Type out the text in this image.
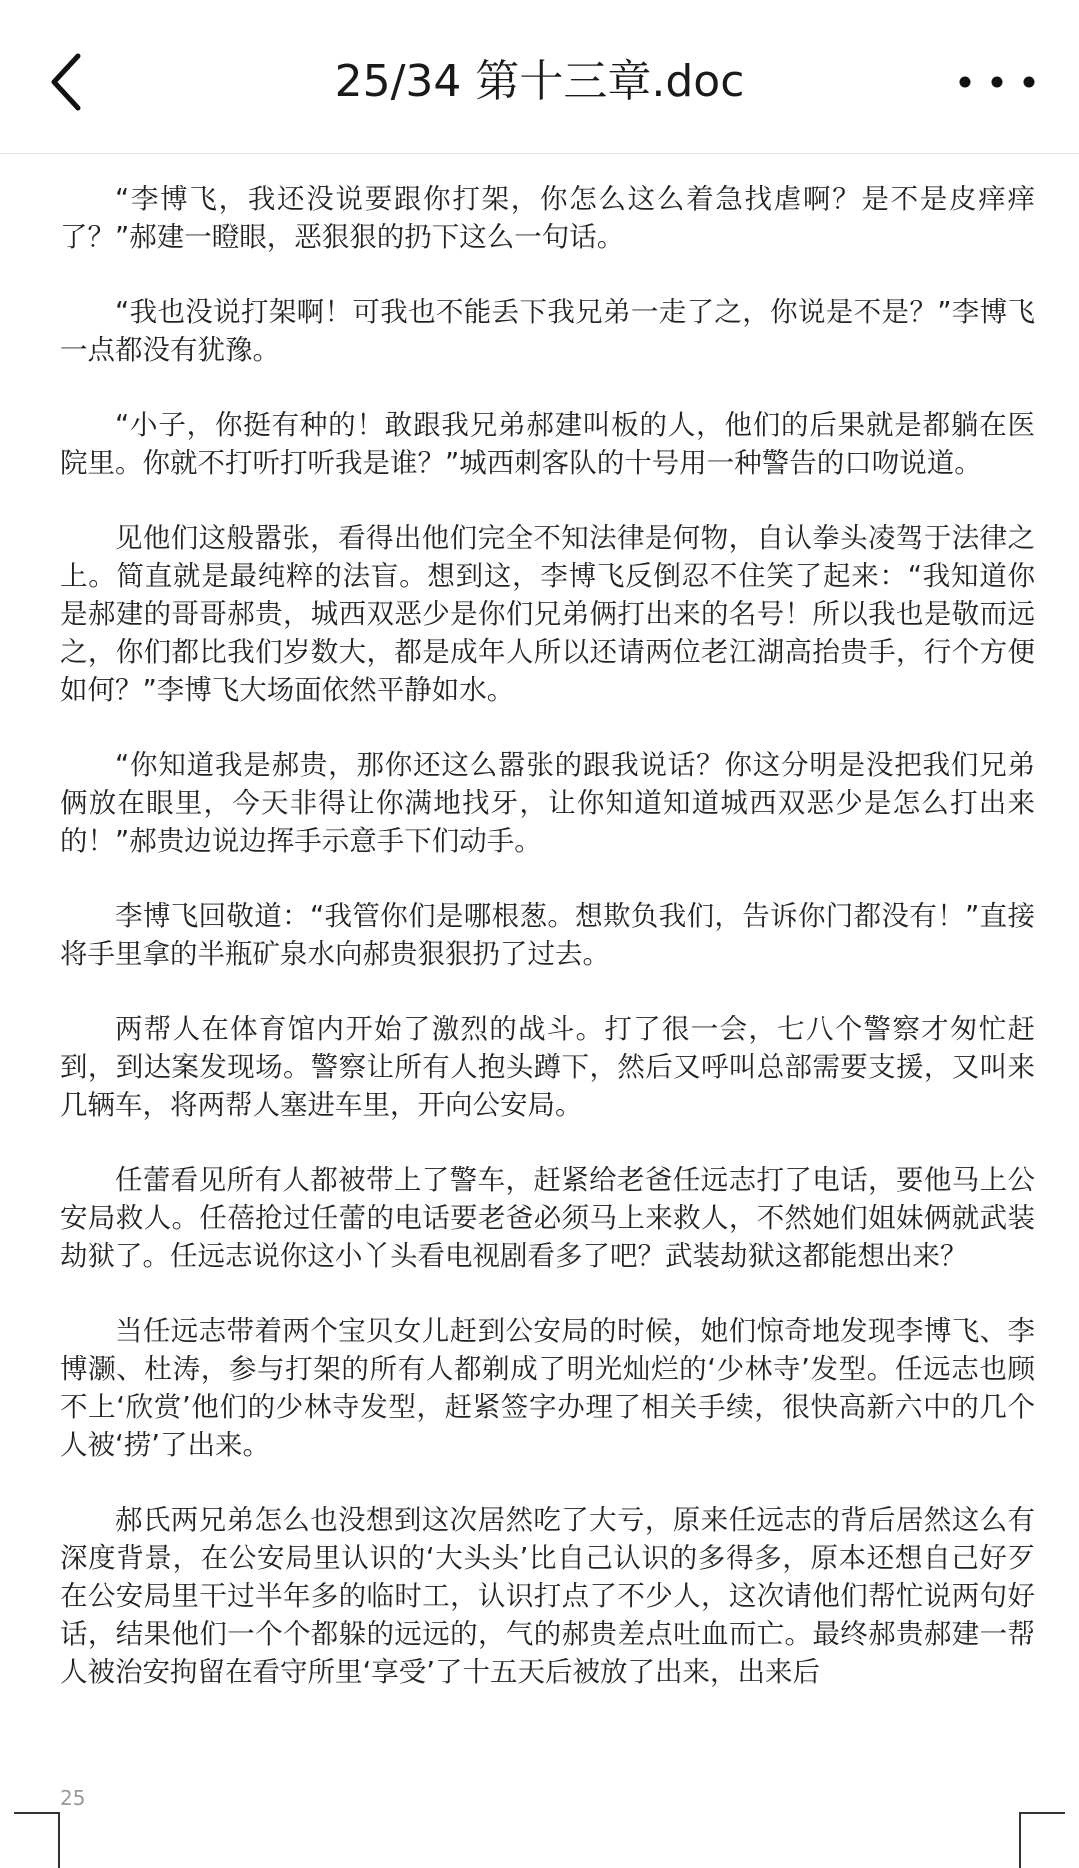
25/34 第十三章.doc

“李博飞，我还没说要跟你打架，你怎么这么着急找虐啊？是不是皮痒痒了？”郝建一瞪眼，恶狠狠的扔下这么一句话。

“我也没说打架啊！可我也不能丢下我兄弟一走了之，你说是不是？”李博飞一点都没有犹豫。

“小子，你挺有种的！敢跟我兄弟郝建叫板的人，他们的后果就是都躺在医院里。你就不打听打听我是谁？”城西刺客队的十号用一种警告的口吻说道。

见他们这般嚣张，看得出他们完全不知法律是何物，自认拳头凌驾于法律之上。简直就是最纯粹的法盲。想到这，李博飞反倒忍不住笑了起来：“我知道你是郝建的哥哥郝贵，城西双恶少是你们兄弟俩打出来的名号！所以我也是敬而远之，你们都比我们岁数大，都是成年人所以还请两位老江湖高抬贵手，行个方便如何？”李博飞大场面依然平静如水。

“你知道我是郝贵，那你还这么嚣张的跟我说话？你这分明是没把我们兄弟俩放在眼里，今天非得让你满地找牙，让你知道知道城西双恶少是怎么打出来的！”郝贵边说边挥手示意手下们动手。

李博飞回敬道：“我管你们是哪根葱。想欺负我们，告诉你门都没有！”直接将手里拿的半瓶矿泉水向郝贵狠狠扔了过去。

两帮人在体育馆内开始了激烈的战斗。打了很一会，七八个警察才匆忙赶到，到达案发现场。警察让所有人抱头蹲下，然后又呼叫总部需要支援，又叫来几辆车，将两帮人塞进车里，开向公安局。

任蕾看见所有人都被带上了警车，赶紧给老爸任远志打了电话，要他马上公安局救人。任蓓抢过任蕾的电话要老爸必须马上来救人，不然她们姐妹俩就武装劫狱了。任远志说你这小丫头看电视剧看多了吧？武装劫狱这都能想出来？

当任远志带着两个宝贝女儿赶到公安局的时候，她们惊奇地发现李博飞、李博灏、杜涛，参与打架的所有人都剃成了明光灿烂的‘少林寺’发型。任远志也顾不上‘欣赏’他们的少林寺发型，赶紧签字办理了相关手续，很快高新六中的几个人被‘捞’了出来。

郝氏两兄弟怎么也没想到这次居然吃了大亏，原来任远志的背后居然这么有深度背景，在公安局里认识的‘大头头’比自己认识的多得多，原本还想自己好歹在公安局里干过半年多的临时工，认识打点了不少人，这次请他们帮忙说两句好话，结果他们一个个都躲的远远的，气的郝贵差点吐血而亡。最终郝贵郝建一帮人被治安拘留在看守所里‘享受’了十五天后被放了出来，出来后

25
